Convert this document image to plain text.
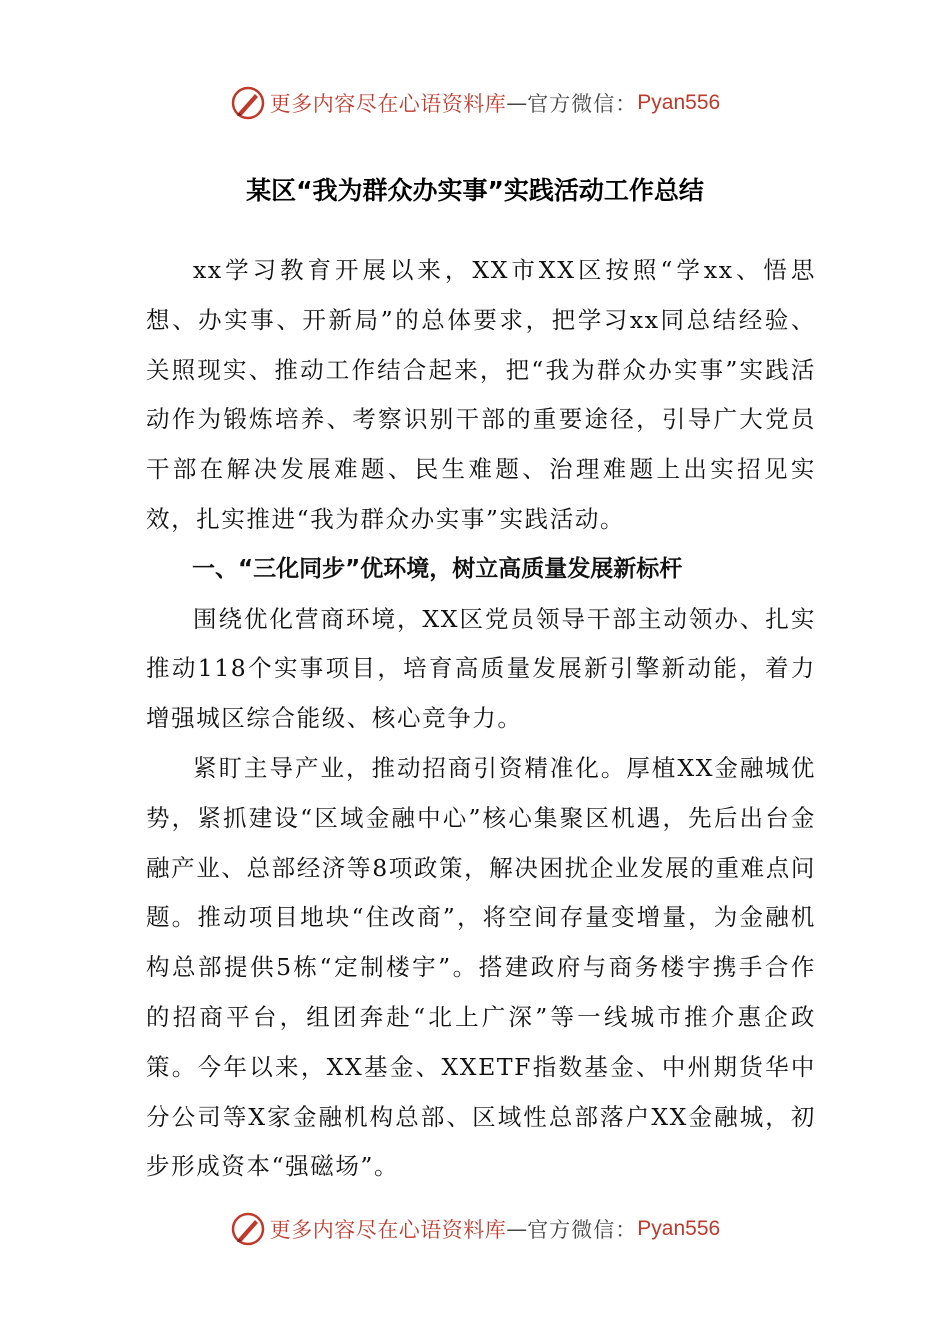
更多内容尽在心语资料库 — 官方微信： Pyan556
某区“我为群众办实事”实践活动工作总结

xx学习教育开展以来，XX市XX区按照“学xx、悟思想、办实事、开新局”的总体要求，把学习xx同总结经验、关照现实、推动工作结合起来，把“我为群众办实事”实践活动作为锻炼培养、考察识别干部的重要途径，引导广大党员干部在解决发展难题、民生难题、治理难题上出实招见实效，扎实推进“我为群众办实事”实践活动。

一、“三化同步”优环境，树立高质量发展新标杆

围绕优化营商环境，XX区党员领导干部主动领办、扎实推动118个实事项目，培育高质量发展新引擎新动能，着力增强城区综合能级、核心竞争力。

紧盯主导产业，推动招商引资精准化。厚植XX金融城优势，紧抓建设“区域金融中心”核心集聚区机遇，先后出台金融产业、总部经济等8项政策，解决困扰企业发展的重难点问题。推动项目地块“住改商”，将空间存量变增量，为金融机构总部提供5栋“定制楼宇”。搭建政府与商务楼宇携手合作的招商平台，组团奔赴“北上广深”等一线城市推介惠企政策。今年以来，XX基金、XXETF指数基金、中州期货华中分公司等X家金融机构总部、区域性总部落户XX金融城，初步形成资本“强磁场”。

更多内容尽在心语资料库 — 官方微信： Pyan556
